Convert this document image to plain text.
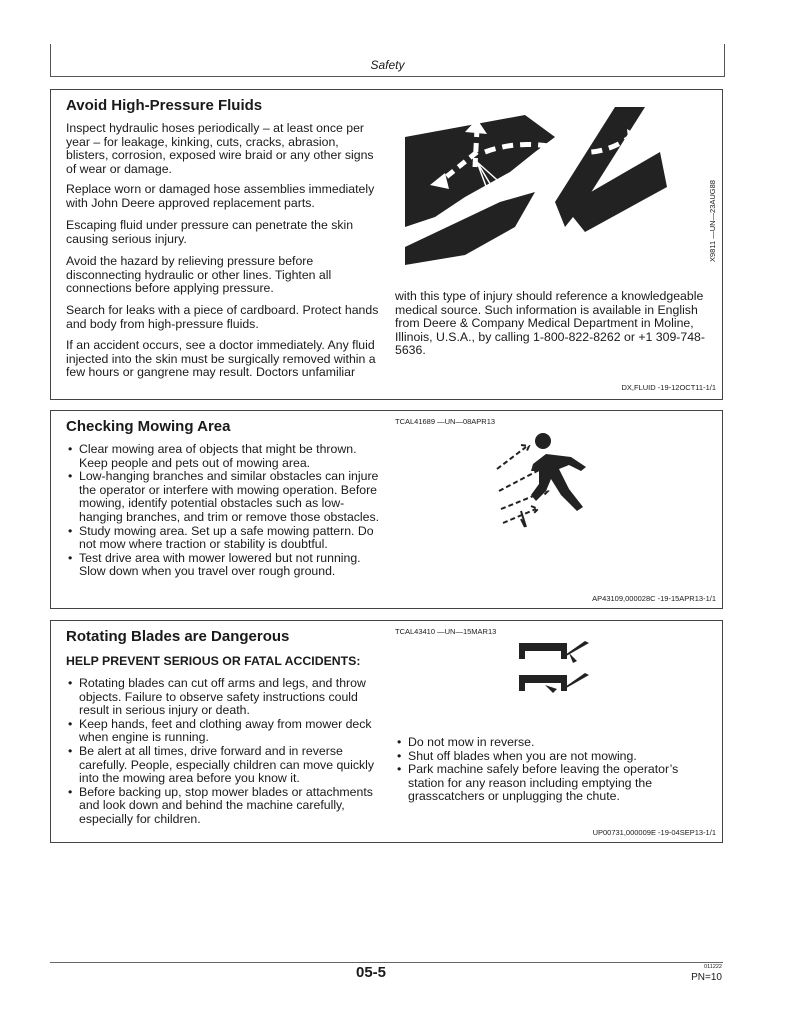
Safety
Avoid High-Pressure Fluids

Inspect hydraulic hoses periodically – at least once per year – for leakage, kinking, cuts, cracks, abrasion, blisters, corrosion, exposed wire braid or any other signs of wear or damage.

Replace worn or damaged hose assemblies immediately with John Deere approved replacement parts.

Escaping fluid under pressure can penetrate the skin causing serious injury.

Avoid the hazard by relieving pressure before disconnecting hydraulic or other lines. Tighten all connections before applying pressure.

Search for leaks with a piece of cardboard. Protect hands and body from high-pressure fluids.

If an accident occurs, see a doctor immediately. Any fluid injected into the skin must be surgically removed within a few hours or gangrene may result. Doctors unfamiliar

X9811 —UN—23AUG88

with this type of injury should reference a knowledgeable medical source. Such information is available in English from Deere & Company Medical Department in Moline, Illinois, U.S.A., by calling 1-800-822-8262 or +1 309-748-5636.

DX,FLUID -19-12OCT11-1/1
Checking Mowing Area
• Clear mowing area of objects that might be thrown. Keep people and pets out of mowing area.
• Low-hanging branches and similar obstacles can injure the operator or interfere with mowing operation. Before mowing, identify potential obstacles such as low-hanging branches, and trim or remove those obstacles.
• Study mowing area. Set up a safe mowing pattern. Do not mow where traction or stability is doubtful.
• Test drive area with mower lowered but not running. Slow down when you travel over rough ground.
TCAL41689 —UN—08APR13
AP43109,000028C -19-15APR13-1/1
Rotating Blades are Dangerous
HELP PREVENT SERIOUS OR FATAL ACCIDENTS:
• Rotating blades can cut off arms and legs, and throw objects. Failure to observe safety instructions could result in serious injury or death.
• Keep hands, feet and clothing away from mower deck when engine is running.
• Be alert at all times, drive forward and in reverse carefully. People, especially children can move quickly into the mowing area before you know it.
• Before backing up, stop mower blades or attachments and look down and behind the machine carefully, especially for children.
TCAL43410 —UN—15MAR13
• Do not mow in reverse.
• Shut off blades when you are not mowing.
• Park machine safely before leaving the operator’s station for any reason including emptying the grasscatchers or unplugging the chute.
UP00731,000009E -19-04SEP13-1/1
05-5	011222
PN=10
